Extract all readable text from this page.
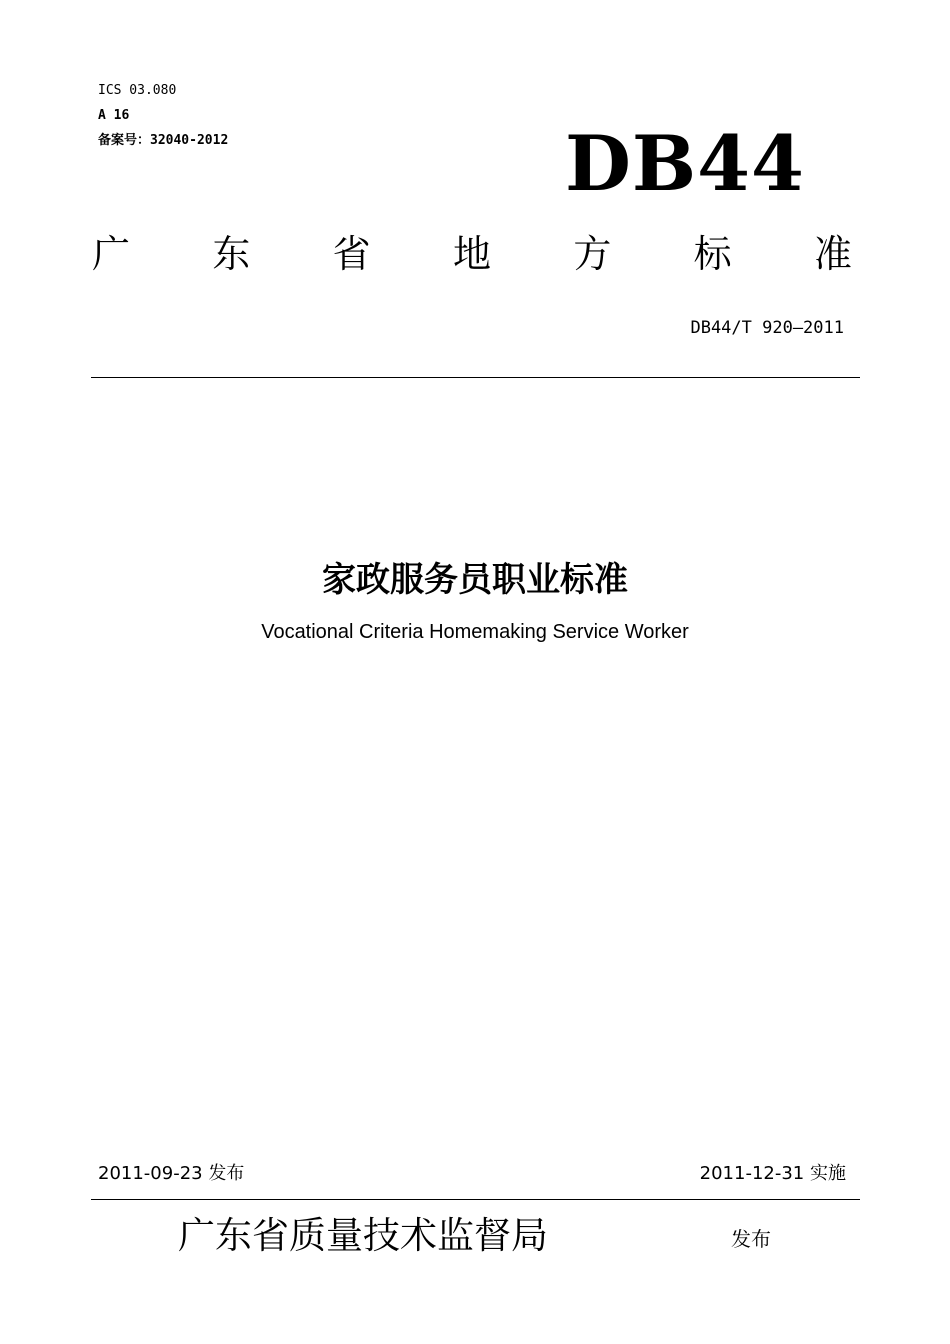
ICS 03.080
A 16
备案号：32040-2012	DB44
广 东 省 地 方 标 准
DB44/T 920—2011
家政服务员职业标准
Vocational Criteria Homemaking Service Worker
2011-09-23 发布	2011-12-31 实施
广东省质量技术监督局	发布
